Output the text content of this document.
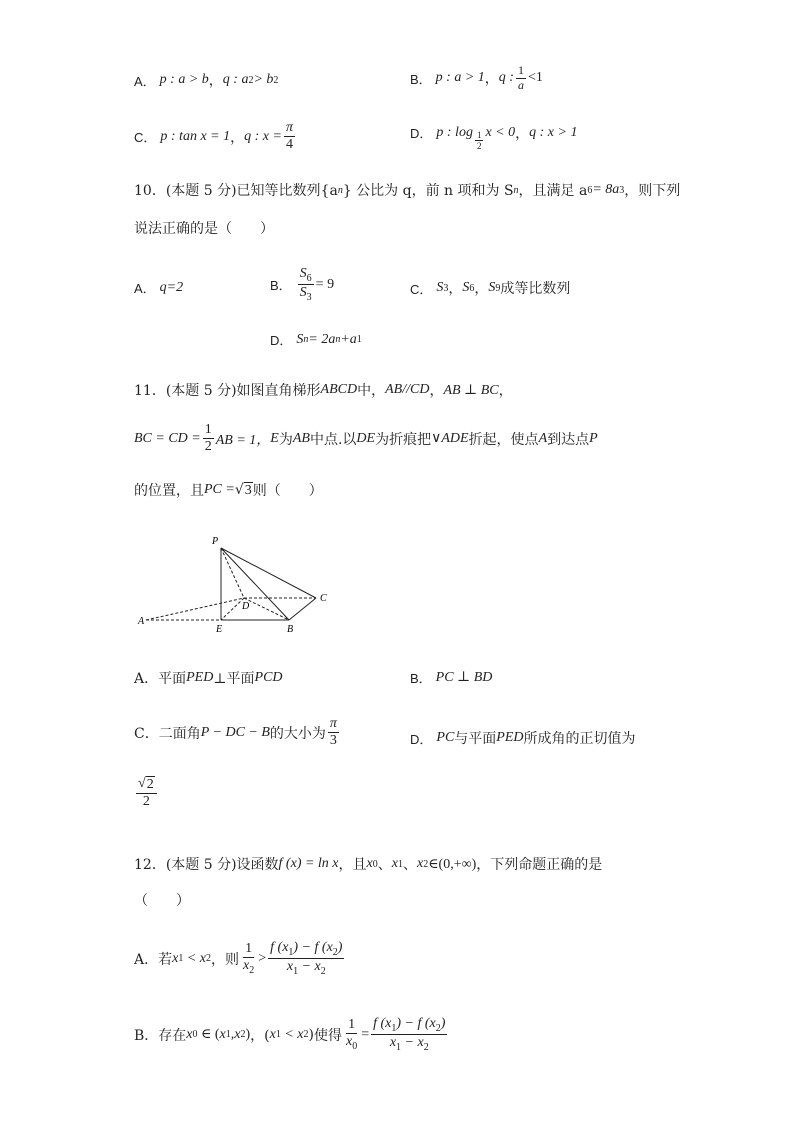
A． p : a > b ， q : a 2 > b 2	B． p : a > 1 ， q : $\frac{1}{a} <1$
C． p : tan x = 1 ， q : $x = \frac{\pi}{4}$	D． p : $\log \frac{1}{2}$ x < 0 ， q : x > 1
10．(本题 5 分)已知等比数列{a n } 公比为 q，前 n 项和为 S n ，且满足 a 6 = 8a 3 ，则下列
说法正确的是（　　）
A． q=2	B． $\frac{S_6}{S_3} = 9$	C． S 3 ， S 6 ， S 9 成等比数列
D． S n = 2a n +a 1
11．(本题 5 分)如图直角梯形 ABCD 中， AB//CD ， AB ⊥ BC ，
BC = CD = $\frac{1}{2}$ AB = 1， E 为 AB 中点.以 DE 为折痕把 ∨ADE 折起，使点 A 到达点 P
的位置，且 PC = √ 3 则（　　）
P
D
C
A
E	B
A．平面 PED ⊥平面 PCD	B． PC ⊥ BD
C．二面角 P − DC − B 的大小为 $\frac{\pi}{3}$	D． PC 与平面 PED 所成角的正切值为
$\frac{√ 2}{2}$
12．(本题 5 分)设函数 f (x) = ln x ，且 x 0 、 x 1 、 x 2 ∈(0,+∞) ，下列命题正确的是
（　　）
A．若 x 1 < x 2 ，则 $\frac{1}{x_2} > \frac{f (x_1) - f (x_2)}{x_1 - x_2}$
B．存在 x 0 ∈ ( x 1 , x 2 ) ，( x 1 < x 2 ) 使得 $\frac{1}{x_0} = \frac{f (x_1) - f (x_2)}{x_1 - x_2}$
